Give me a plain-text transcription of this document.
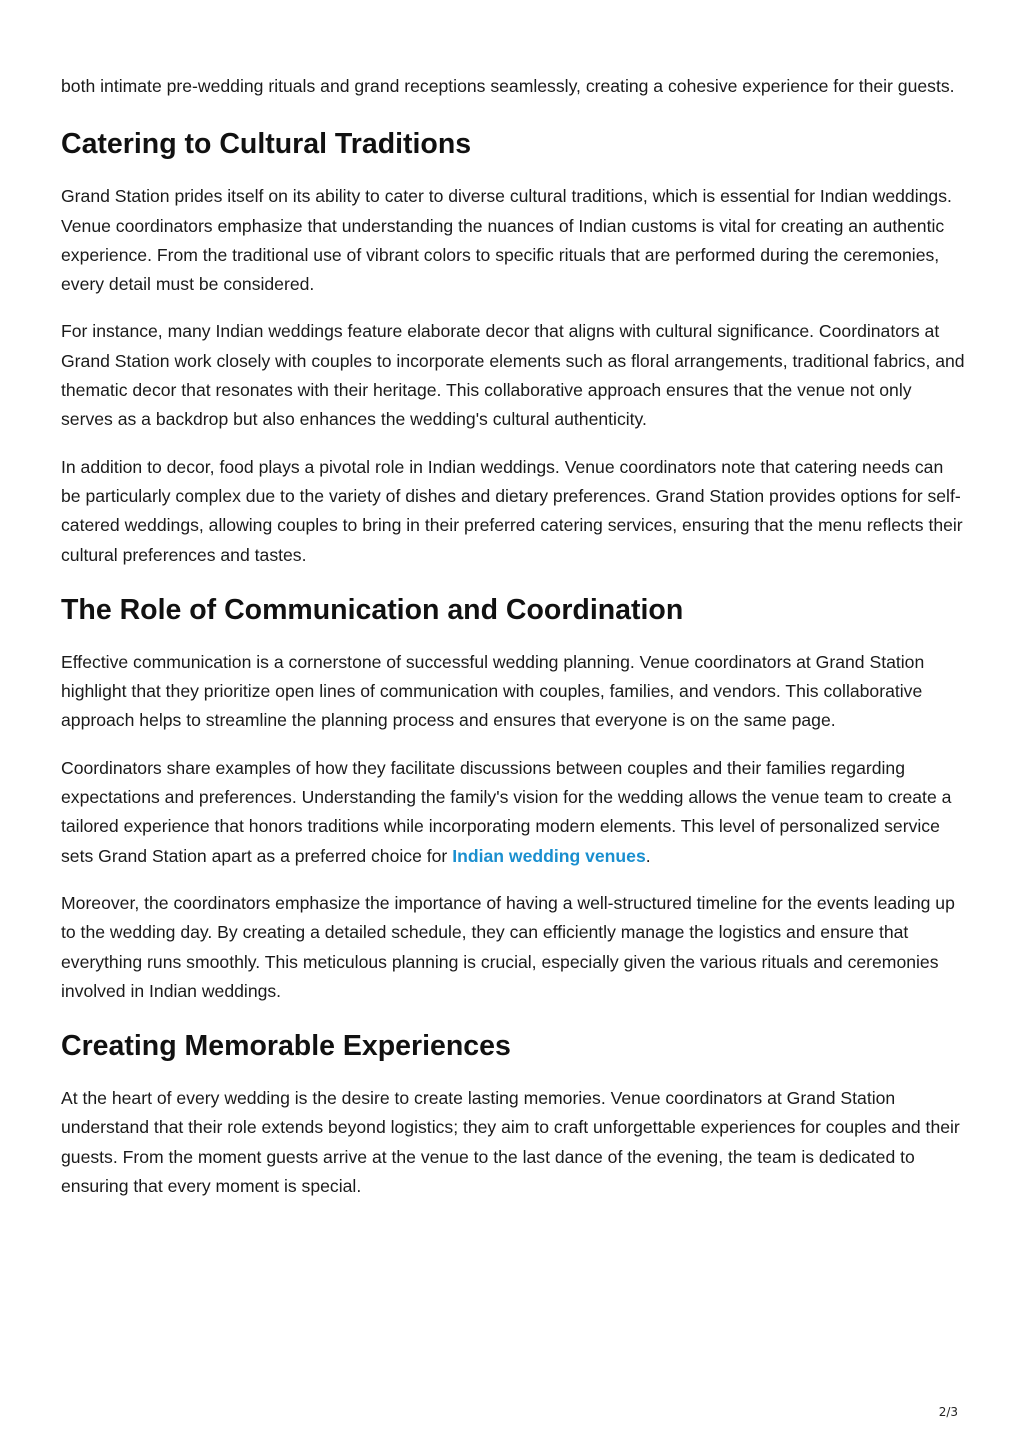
both intimate pre-wedding rituals and grand receptions seamlessly, creating a cohesive experience for their guests.

Catering to Cultural Traditions

Grand Station prides itself on its ability to cater to diverse cultural traditions, which is essential for Indian weddings. Venue coordinators emphasize that understanding the nuances of Indian customs is vital for creating an authentic experience. From the traditional use of vibrant colors to specific rituals that are performed during the ceremonies, every detail must be considered.

For instance, many Indian weddings feature elaborate decor that aligns with cultural significance. Coordinators at Grand Station work closely with couples to incorporate elements such as floral arrangements, traditional fabrics, and thematic decor that resonates with their heritage. This collaborative approach ensures that the venue not only serves as a backdrop but also enhances the wedding's cultural authenticity.

In addition to decor, food plays a pivotal role in Indian weddings. Venue coordinators note that catering needs can be particularly complex due to the variety of dishes and dietary preferences. Grand Station provides options for self-catered weddings, allowing couples to bring in their preferred catering services, ensuring that the menu reflects their cultural preferences and tastes.

The Role of Communication and Coordination

Effective communication is a cornerstone of successful wedding planning. Venue coordinators at Grand Station highlight that they prioritize open lines of communication with couples, families, and vendors. This collaborative approach helps to streamline the planning process and ensures that everyone is on the same page.

Coordinators share examples of how they facilitate discussions between couples and their families regarding expectations and preferences. Understanding the family's vision for the wedding allows the venue team to create a tailored experience that honors traditions while incorporating modern elements. This level of personalized service sets Grand Station apart as a preferred choice for Indian wedding venues.

Moreover, the coordinators emphasize the importance of having a well-structured timeline for the events leading up to the wedding day. By creating a detailed schedule, they can efficiently manage the logistics and ensure that everything runs smoothly. This meticulous planning is crucial, especially given the various rituals and ceremonies involved in Indian weddings.

Creating Memorable Experiences

At the heart of every wedding is the desire to create lasting memories. Venue coordinators at Grand Station understand that their role extends beyond logistics; they aim to craft unforgettable experiences for couples and their guests. From the moment guests arrive at the venue to the last dance of the evening, the team is dedicated to ensuring that every moment is special.

2/3
